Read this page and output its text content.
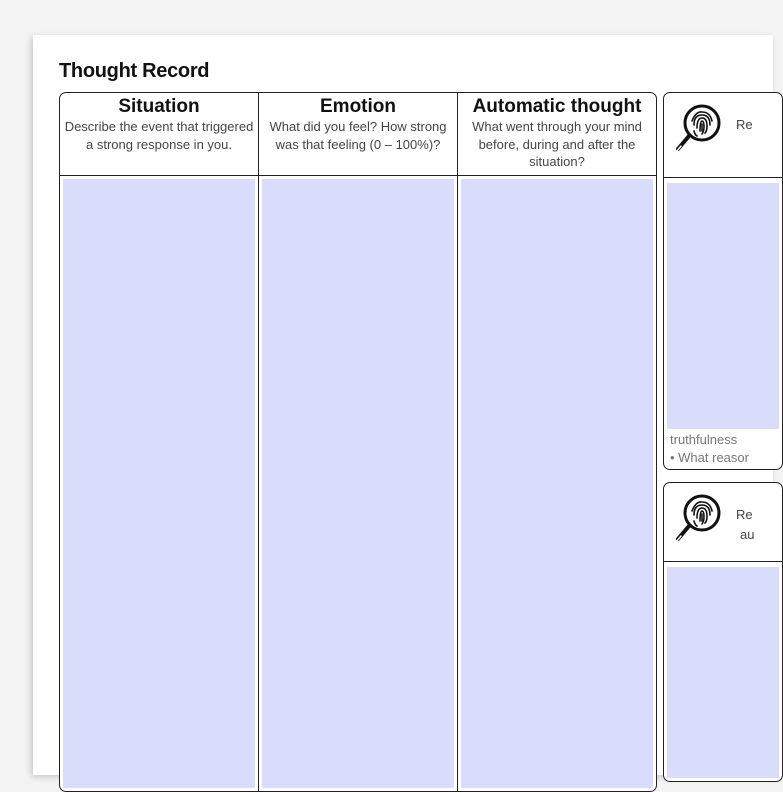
Thought Record
Situation
Describe the event that triggered a strong response in you.
Emotion
What did you feel? How strong was that feeling (0 – 100%)?
Automatic thought
What went through your mind before, during and after the situation?
Re
truthfulness
• What reasor
Re
au
